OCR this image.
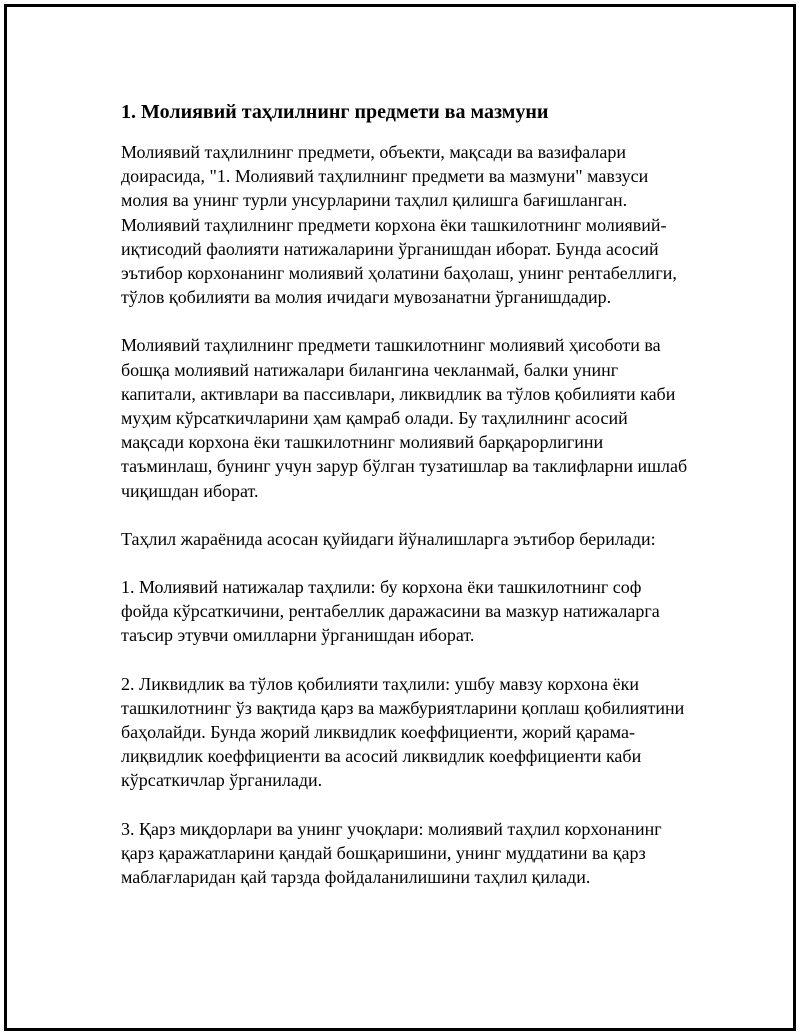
1. Молиявий таҳлилнинг предмети ва мазмуни

Молиявий таҳлилнинг предмети, объекти, мақсади ва вазифалари доирасида, "1. Молиявий таҳлилнинг предмети ва мазмуни" мавзуси молия ва унинг турли унсурларини таҳлил қилишга бағишланган. Молиявий таҳлилнинг предмети корхона ёки ташкилотнинг молиявий-иқтисодий фаолияти натижаларини ўрганишдан иборат. Бунда асосий эътибор корхонанинг молиявий ҳолатини баҳолаш, унинг рентабеллиги, тўлов қобилияти ва молия ичидаги мувозанатни ўрганишдадир.

Молиявий таҳлилнинг предмети ташкилотнинг молиявий ҳисоботи ва бошқа молиявий натижалари билангина чекланмай, балки унинг капитали, активлари ва пассивлари, ликвидлик ва тўлов қобилияти каби муҳим кўрсаткичларини ҳам қамраб олади. Бу таҳлилнинг асосий мақсади корхона ёки ташкилотнинг молиявий барқарорлигини таъминлаш, бунинг учун зарур бўлган тузатишлар ва таклифларни ишлаб чиқишдан иборат.

Таҳлил жараёнида асосан қуйидаги йўналишларга эътибор берилади:

1. Молиявий натижалар таҳлили: бу корхона ёки ташкилотнинг соф фойда кўрсаткичини, рентабеллик даражасини ва мазкур натижаларга таъсир этувчи омилларни ўрганишдан иборат.

2. Ликвидлик ва тўлов қобилияти таҳлили: ушбу мавзу корхона ёки ташкилотнинг ўз вақтида қарз ва мажбуриятларини қоплаш қобилиятини баҳолайди. Бунда жорий ликвидлик коеффициенти, жорий қарама-лиқвидлик коеффициенти ва асосий ликвидлик коеффициенти каби кўрсаткичлар ўрганилади.

3. Қарз миқдорлари ва унинг учоқлари: молиявий таҳлил корхонанинг қарз қаражатларини қандай бошқаришини, унинг муддатини ва қарз маблағларидан қай тарзда фойдаланилишини таҳлил қилади.
